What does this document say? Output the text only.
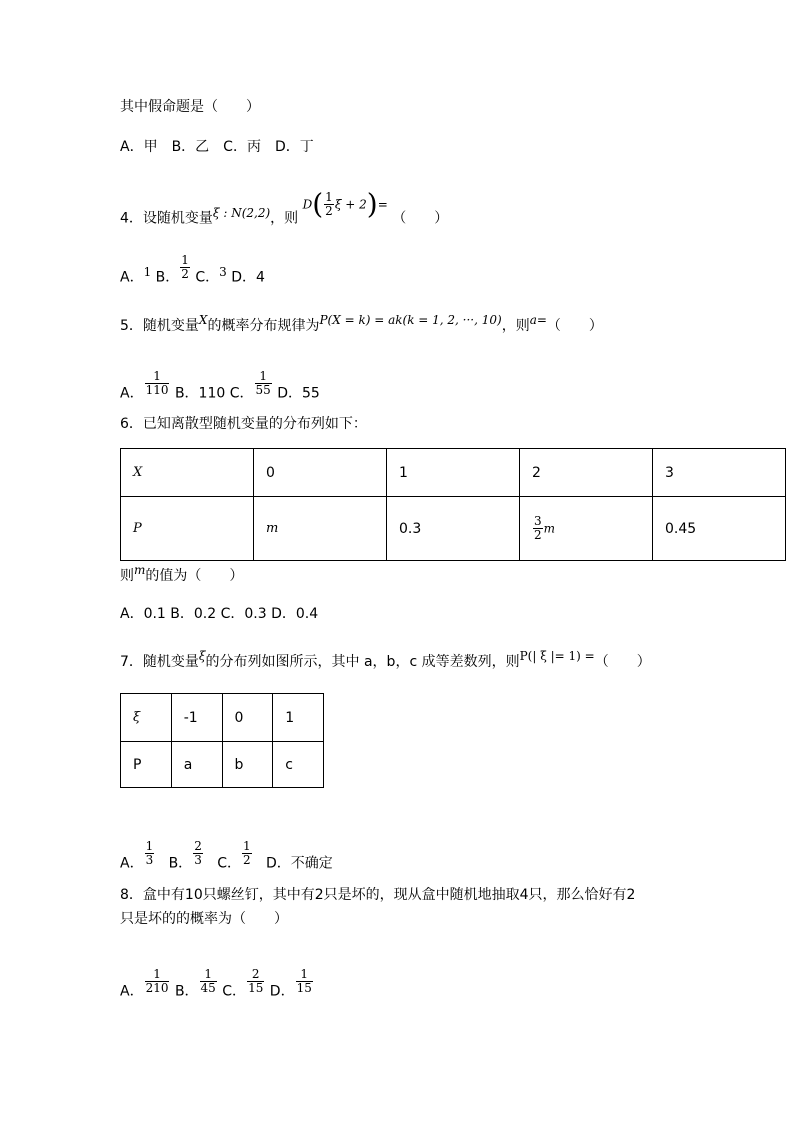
其中假命题是（　　）
A．甲　B．乙　C．丙　D．丁
4．设随机变量ξ : N(2,2)，则 $D( \frac{1}{2}$ ξ + 2)= （　　）
A．1 B． $\frac{1}{2}$ C．3 D．4
5．随机变量X的概率分布规律为P(X = k) = ak(k = 1, 2, ···, 10)，则a=（　　）
A． $\frac{1}{110}$ B．110 C． $\frac{1}{55}$ D．55
6．已知离散型随机变量的分布列如下：
X	0	1	2	3
P	m	0.3	$\frac{3}{2}$ m	0.45
则m的值为（　　）
A．0.1 B．0.2 C．0.3 D．0.4
7．随机变量ξ的分布列如图所示，其中 a，b，c 成等差数列，则P(| ξ |= 1) =（　　）
ξ	-1	0	1
P	a	b	c
A． $\frac{1}{3}$ B． $\frac{2}{3}$ C． $\frac{1}{2}$ D．不确定
8．盒中有10只螺丝钉，其中有2只是坏的，现从盒中随机地抽取4只，那么恰好有2
只是坏的的概率为（　　）
A． $\frac{1}{210}$ B． $\frac{1}{45}$ C． $\frac{2}{15}$ D． $\frac{1}{15}$
